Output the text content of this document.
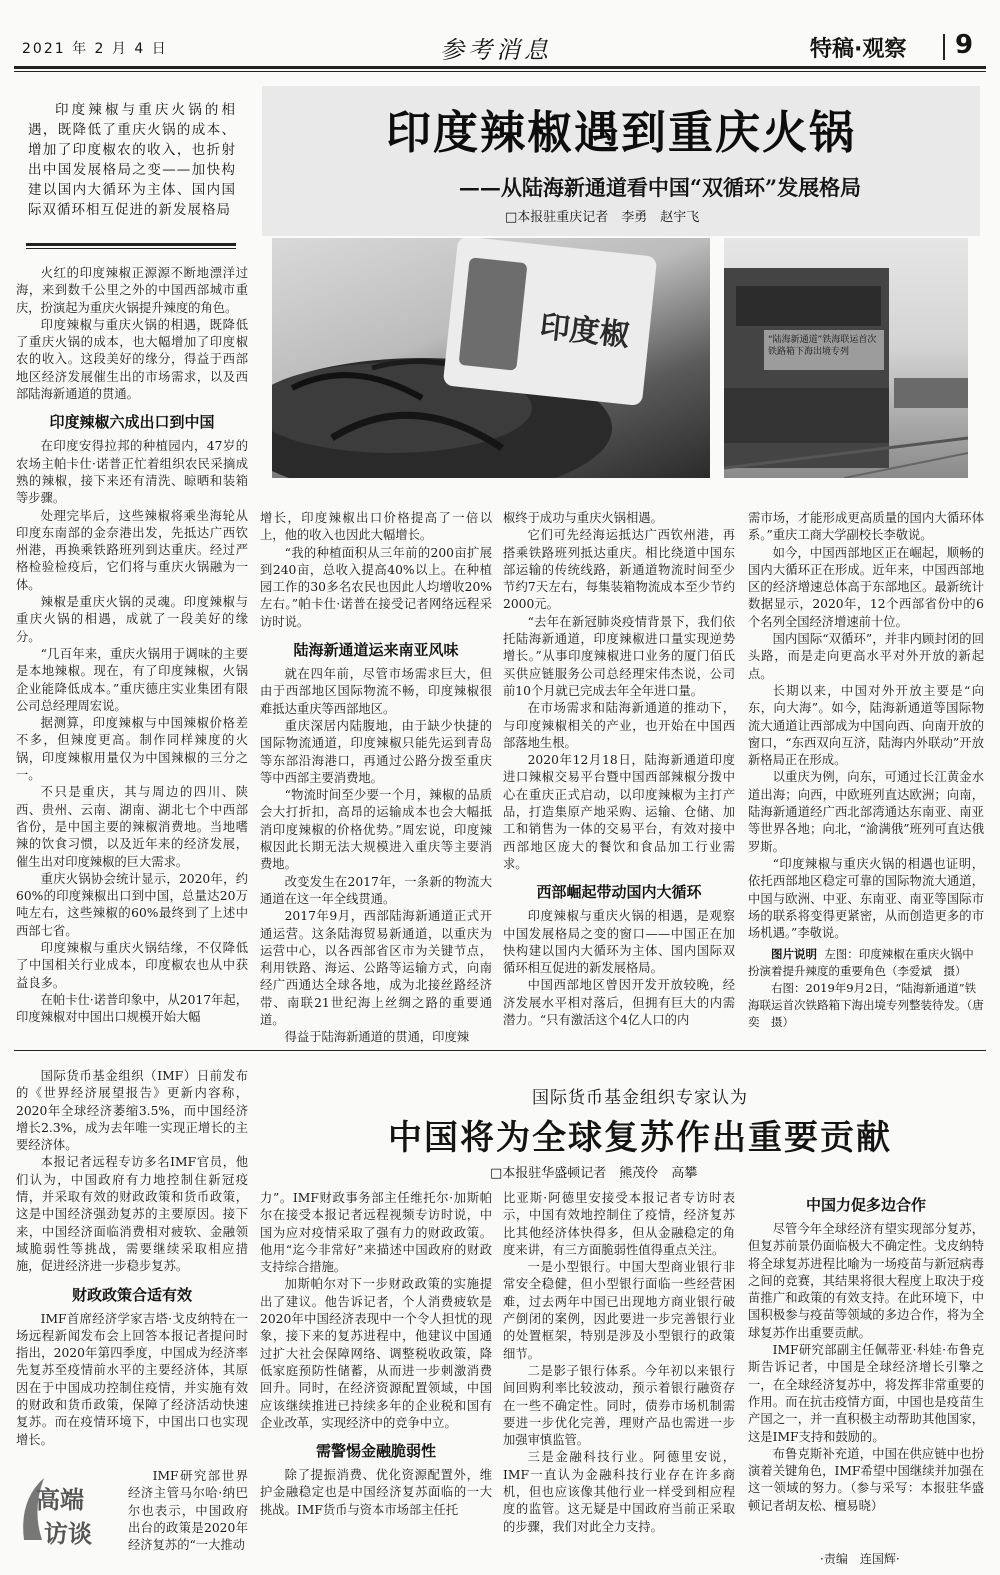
2021 年 2 月 4 日	参考消息	特稿·观察 9
印度辣椒与重庆火锅的相遇，既降低了重庆火锅的成本、增加了印度椒农的收入，也折射出中国发展格局之变——加快构建以国内大循环为主体、国内国际双循环相互促进的新发展格局
印度辣椒遇到重庆火锅
——从陆海新通道看中国“双循环”发展格局
□本报驻重庆记者　李勇　赵宇飞
印度椒	“陆海新通道”铁海联运首次铁路箱下海出境专列

火红的印度辣椒正源源不断地漂洋过海，来到数千公里之外的中国西部城市重庆，扮演起为重庆火锅提升辣度的角色。

印度辣椒与重庆火锅的相遇，既降低了重庆火锅的成本，也大幅增加了印度椒农的收入。这段美好的缘分，得益于西部地区经济发展催生出的市场需求，以及西部陆海新通道的贯通。

印度辣椒六成出口到中国

在印度安得拉邦的种植园内，47岁的农场主帕卡仕·诺普正忙着组织农民采摘成熟的辣椒，接下来还有清洗、晾晒和装箱等步骤。

处理完毕后，这些辣椒将乘坐海轮从印度东南部的金奈港出发，先抵达广西钦州港，再换乘铁路班列到达重庆。经过严格检验检疫后，它们将与重庆火锅融为一体。

辣椒是重庆火锅的灵魂。印度辣椒与重庆火锅的相遇，成就了一段美好的缘分。

“几百年来，重庆火锅用于调味的主要是本地辣椒。现在，有了印度辣椒，火锅企业能降低成本。”重庆德庄实业集团有限公司总经理周宏说。

据测算，印度辣椒与中国辣椒价格差不多，但辣度更高。制作同样辣度的火锅，印度辣椒用量仅为中国辣椒的三分之一。

不只是重庆，其与周边的四川、陕西、贵州、云南、湖南、湖北七个中西部省份，是中国主要的辣椒消费地。当地嗜辣的饮食习惯，以及近年来的经济发展，催生出对印度辣椒的巨大需求。

重庆火锅协会统计显示，2020年，约60%的印度辣椒出口到中国，总量达20万吨左右，这些辣椒的60%最终到了上述中西部七省。

印度辣椒与重庆火锅结缘，不仅降低了中国相关行业成本，印度椒农也从中获益良多。

在帕卡仕·诺普印象中，从2017年起，印度辣椒对中国出口规模开始大幅

增长，印度辣椒出口价格提高了一倍以上，他的收入也因此大幅增长。

“我的种植面积从三年前的200亩扩展到240亩，总收入提高40%以上。在种植园工作的30多名农民也因此人均增收20%左右。”帕卡仕·诺普在接受记者网络远程采访时说。

陆海新通道运来南亚风味

就在四年前，尽管市场需求巨大，但由于西部地区国际物流不畅，印度辣椒很难抵达重庆等西部地区。

重庆深居内陆腹地，由于缺少快捷的国际物流通道，印度辣椒只能先运到青岛等东部沿海港口，再通过公路分拨至重庆等中西部主要消费地。

“物流时间至少要一个月，辣椒的品质会大打折扣，高昂的运输成本也会大幅抵消印度辣椒的价格优势。”周宏说，印度辣椒因此长期无法大规模进入重庆等主要消费地。

改变发生在2017年，一条新的物流大通道在这一年全线贯通。

2017年9月，西部陆海新通道正式开通运营。这条陆海贸易新通道，以重庆为运营中心，以各西部省区市为关键节点，利用铁路、海运、公路等运输方式，向南经广西通达全球各地，成为北接丝路经济带、南联21世纪海上丝绸之路的重要通道。

得益于陆海新通道的贯通，印度辣

椒终于成功与重庆火锅相遇。

它们可先经海运抵达广西钦州港，再搭乘铁路班列抵达重庆。相比绕道中国东部运输的传统线路，新通道物流时间至少节约7天左右，每集装箱物流成本至少节约2000元。

“去年在新冠肺炎疫情背景下，我们依托陆海新通道，印度辣椒进口量实现逆势增长。”从事印度辣椒进口业务的厦门佰氏买供应链服务公司总经理宋伟杰说，公司前10个月就已完成去年全年进口量。

在市场需求和陆海新通道的推动下，与印度辣椒相关的产业，也开始在中国西部落地生根。

2020年12月18日，陆海新通道印度进口辣椒交易平台暨中国西部辣椒分拨中心在重庆正式启动，以印度辣椒为主打产品，打造集原产地采购、运输、仓储、加工和销售为一体的交易平台，有效对接中西部地区庞大的餐饮和食品加工行业需求。

西部崛起带动国内大循环

印度辣椒与重庆火锅的相遇，是观察中国发展格局之变的窗口——中国正在加快构建以国内大循环为主体、国内国际双循环相互促进的新发展格局。

中国西部地区曾因开发开放较晚，经济发展水平相对落后，但拥有巨大的内需潜力。“只有激活这个4亿人口的内

需市场，才能形成更高质量的国内大循环体系。”重庆工商大学副校长李敬说。

如今，中国西部地区正在崛起，顺畅的国内大循环正在形成。近年来，中国西部地区的经济增速总体高于东部地区。最新统计数据显示，2020年，12个西部省份中的6个名列全国经济增速前十位。

国内国际“双循环”，并非内顾封闭的回头路，而是走向更高水平对外开放的新起点。

长期以来，中国对外开放主要是“向东，向大海”。如今，陆海新通道等国际物流大通道让西部成为中国向西、向南开放的窗口，“东西双向互济，陆海内外联动”开放新格局正在形成。

以重庆为例，向东，可通过长江黄金水道出海；向西，中欧班列直达欧洲；向南，陆海新通道经广西北部湾通达东南亚、南亚等世界各地；向北，“渝满俄”班列可直达俄罗斯。

“印度辣椒与重庆火锅的相遇也证明，依托西部地区稳定可靠的国际物流大通道，中国与欧洲、中亚、东南亚、南亚等国际市场的联系将变得更紧密，从而创造更多的市场机遇。”李敬说。

图片说明 左图：印度辣椒在重庆火锅中扮演着提升辣度的重要角色（李爱斌　摄）
右图：2019年9月2日，“陆海新通道”铁海联运首次铁路箱下海出境专列整装待发。（唐奕　摄）
国际货币基金组织专家认为
中国将为全球复苏作出重要贡献
□本报驻华盛顿记者　熊茂伶　高攀

国际货币基金组织（IMF）日前发布的《世界经济展望报告》更新内容称，2020年全球经济萎缩3.5%，而中国经济增长2.3%，成为去年唯一实现正增长的主要经济体。

本报记者远程专访多名IMF官员，他们认为，中国政府有力地控制住新冠疫情，并采取有效的财政政策和货币政策，这是中国经济强劲复苏的主要原因。接下来，中国经济面临消费相对疲软、金融领域脆弱性等挑战，需要继续采取相应措施，促进经济进一步稳步复苏。

财政政策合适有效

IMF首席经济学家吉塔·戈皮纳特在一场远程新闻发布会上回答本报记者提问时指出，2020年第四季度，中国成为经济率先复苏至疫情前水平的主要经济体，其原因在于中国成功控制住疫情，并实施有效的财政和货币政策，保障了经济活动快速复苏。而在疫情环境下，中国出口也实现增长。

IMF研究部世界经济主管马尔哈·纳巴尔也表示，中国政府出台的政策是2020年经济复苏的“一大推动

高端
访谈

力”。IMF财政事务部主任维托尔·加斯帕尔在接受本报记者远程视频专访时说，中国为应对疫情采取了强有力的财政政策。他用“迄今非常好”来描述中国政府的财政支持综合措施。

加斯帕尔对下一步财政政策的实施提出了建议。他告诉记者，个人消费疲软是2020年中国经济表现中一个令人担忧的现象，接下来的复苏进程中，他建议中国通过扩大社会保障网络、调整税收政策，降低家庭预防性储蓄，从而进一步刺激消费回升。同时，在经济资源配置领域，中国应该继续推进已持续多年的企业税和国有企业改革，实现经济中的竞争中立。

需警惕金融脆弱性

除了提振消费、优化资源配置外，维护金融稳定也是中国经济复苏面临的一大挑战。IMF货币与资本市场部主任托

比亚斯·阿德里安接受本报记者专访时表示，中国有效地控制住了疫情，经济复苏比其他经济体快得多，但从金融稳定的角度来讲，有三方面脆弱性值得重点关注。

一是小型银行。中国大型商业银行非常安全稳健，但小型银行面临一些经营困难，过去两年中国已出现地方商业银行破产倒闭的案例，因此要进一步完善银行业的处置框架，特别是涉及小型银行的政策细节。

二是影子银行体系。今年初以来银行间回购利率比较波动，预示着银行融资存在一些不确定性。同时，债券市场机制需要进一步优化完善，理财产品也需进一步加强审慎监管。

三是金融科技行业。阿德里安说，IMF一直认为金融科技行业存在许多商机，但也应该像其他行业一样受到相应程度的监管。这无疑是中国政府当前正采取的步骤，我们对此全力支持。

中国力促多边合作

尽管今年全球经济有望实现部分复苏，但复苏前景仍面临极大不确定性。戈皮纳特将全球复苏进程比喻为一场疫苗与新冠病毒之间的竞赛，其结果将很大程度上取决于疫苗推广和政策的有效支持。在此环境下，中国积极参与疫苗等领域的多边合作，将为全球复苏作出重要贡献。

IMF研究部副主任佩蒂亚·科娃·布鲁克斯告诉记者，中国是全球经济增长引擎之一，在全球经济复苏中，将发挥非常重要的作用。而在抗击疫情方面，中国也是疫苗生产国之一，并一直积极主动帮助其他国家，这是IMF支持和鼓励的。

布鲁克斯补充道，中国在供应链中也扮演着关键角色，IMF希望中国继续并加强在这一领域的努力。（参与采写：本报驻华盛顿记者胡友松、檀易晓）

·责编　连国辉·
